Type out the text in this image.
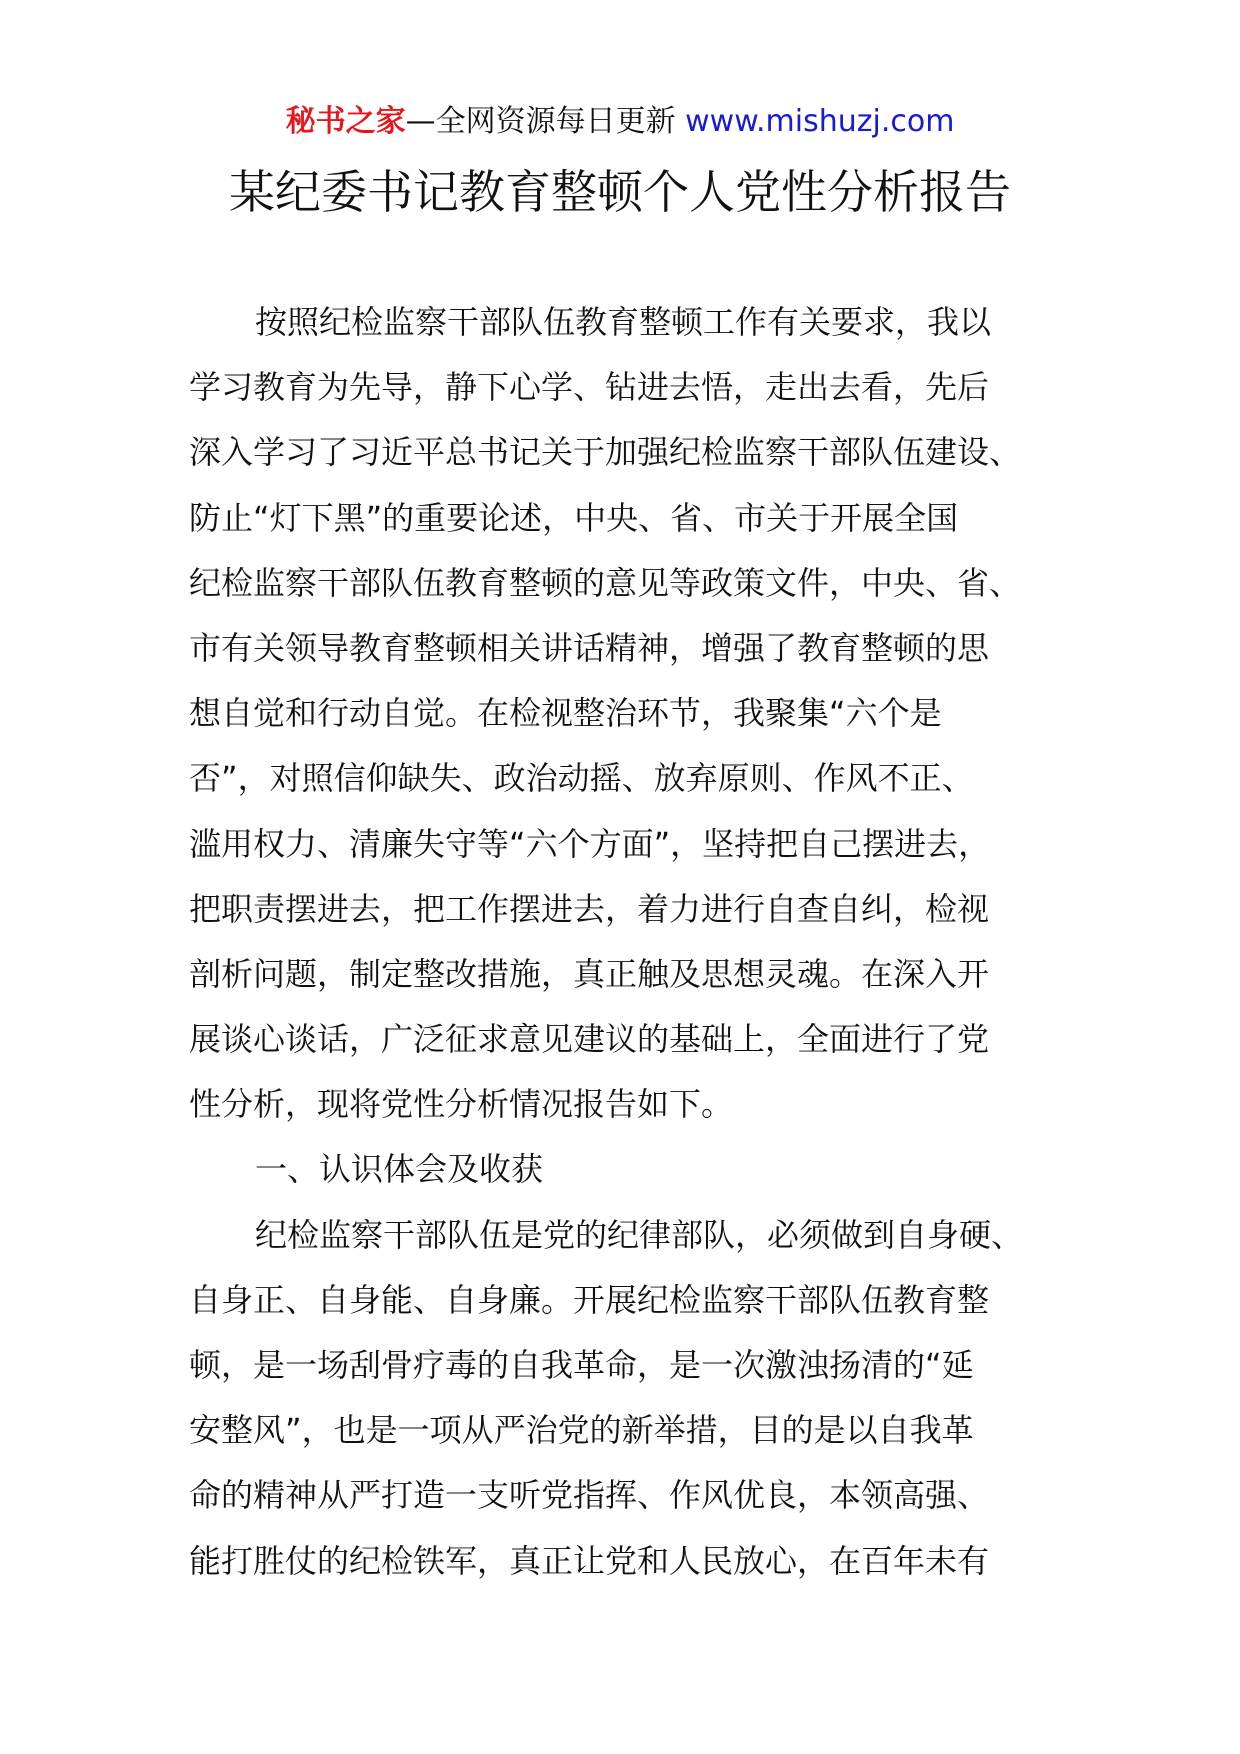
秘书之家—全网资源每日更新 www.mishuzj.com
某纪委书记教育整顿个人党性分析报告
按照纪检监察干部队伍教育整顿工作有关要求，我以
学习教育为先导，静下心学、钻进去悟，走出去看，先后
深入学习了习近平总书记关于加强纪检监察干部队伍建设、
防止“灯下黑”的重要论述，中央、省、市关于开展全国
纪检监察干部队伍教育整顿的意见等政策文件，中央、省、
市有关领导教育整顿相关讲话精神，增强了教育整顿的思
想自觉和行动自觉。在检视整治环节，我聚集“六个是
否”，对照信仰缺失、政治动摇、放弃原则、作风不正、
滥用权力、清廉失守等“六个方面”，坚持把自己摆进去，
把职责摆进去，把工作摆进去，着力进行自查自纠，检视
剖析问题，制定整改措施，真正触及思想灵魂。在深入开
展谈心谈话，广泛征求意见建议的基础上，全面进行了党
性分析，现将党性分析情况报告如下。
一、认识体会及收获
纪检监察干部队伍是党的纪律部队，必须做到自身硬、
自身正、自身能、自身廉。开展纪检监察干部队伍教育整
顿，是一场刮骨疗毒的自我革命，是一次激浊扬清的“延
安整风”，也是一项从严治党的新举措，目的是以自我革
命的精神从严打造一支听党指挥、作风优良，本领高强、
能打胜仗的纪检铁军，真正让党和人民放心，在百年未有
